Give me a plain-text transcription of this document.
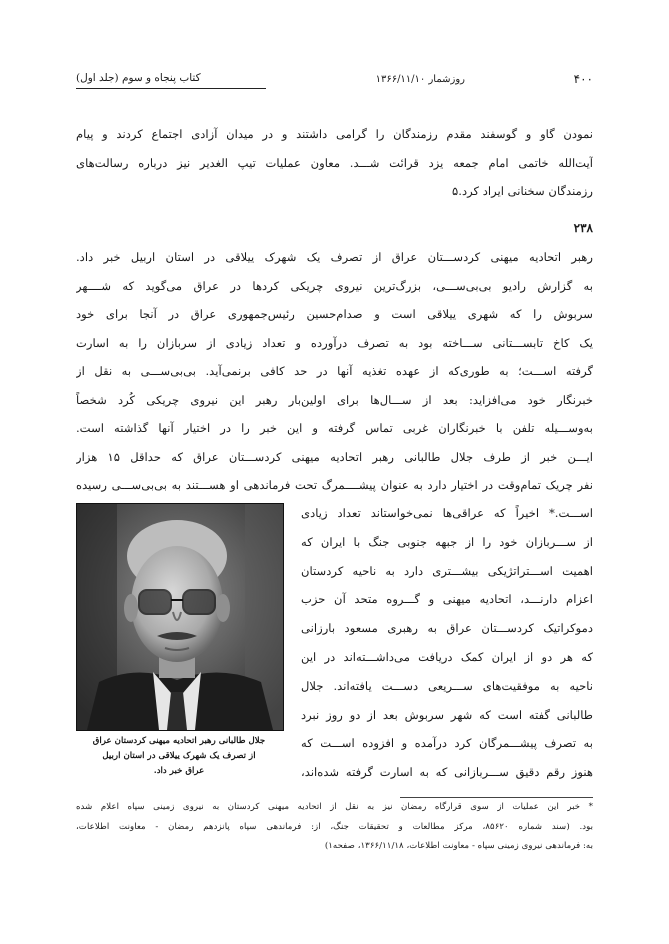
۴۰۰
روزشمار ۱۳۶۶/۱۱/۱۰
کتاب پنجاه و سوم (جلد اول)
نمودن گاو و گوسفند مقدم رزمندگان را گرامی داشتند و در میدان آزادی اجتماع کردند و پیام
آیت‌الله خاتمی امام جمعه یزد قرائت شـــد. معاون عملیات تیپ الغدیر نیز درباره رسالت‌های
رزمندگان سخنانی ایراد کرد.۵
۲۳۸
رهبر اتحادیه میهنی کردســـتان عراق از تصرف یک شهرک ییلاقی در استان اربیل خبر داد.
به گزارش رادیو بی‌بی‌ســـی، بزرگ‌ترین نیروی چریکی کردها در عراق می‌گوید که شــــهر
سربوش را که شهری ییلاقی است و صدام‌حسین رئیس‌جمهوری عراق در آنجا برای خود
یک کاخ تابســـتانی ســـاخته بود به تصرف درآورده و تعداد زیادی از سربازان را به اسارت
گرفته اســـت؛ به طوری‌که از عهده تغذیه آنها در حد کافی برنمی‌آید. بی‌بی‌ســـی به نقل از
خبرنگار خود می‌افزاید: بعد از ســـال‌ها برای اولین‌بار رهبر این نیروی چریکی کُرد شخصاً
به‌وســـیله تلفن با خبرنگاران غربی تماس گرفته و این خبر را در اختیار آنها گذاشته است.
ایـــن خبر از طرف جلال طالبانی رهبر اتحادیه میهنی کردســـتان عراق که حداقل ۱۵ هزار
نفر چریک تمام‌وقت در اختیار دارد به عنوان پیشــــمرگ تحت فرماندهی او هســـتند به بی‌بی‌ســـی رسیده
اســـت.* اخیراً که عراقی‌ها نمی‌خواستاند تعداد زیادی
از ســـربازان خود را از جبهه جنوبی جنگ با ایران که
اهمیت اســـتراتژیکی بیشـــتری دارد به ناحیه کردستان
اعزام دارنـــد، اتحادیه میهنی و گـــروه متحد آن حزب
دموکراتیک کردســـتان عراق به رهبری مسعود بارزانی
که هر دو از ایران کمک دریافت می‌داشـــته‌اند در این
ناحیه به موفقیت‌های ســـریعی دســـت یافته‌اند. جلال
طالبانی گفته است که شهر سربوش بعد از دو روز نبرد
به تصرف پیشـــمرگان کرد درآمده و افزوده اســـت که
هنوز رقم دقیق ســـربازانی که به اسارت گرفته شده‌اند،
جلال طالبانی رهبر اتحادیه میهنی کردستان عراق
از تصرف یک شهرک ییلاقی در استان اربیل
عراق خبر داد.
* خبر این عملیات از سوی قرارگاه رمضان نیز به نقل از اتحادیه میهنی کردستان به نیروی زمینی سپاه اعلام شده
بود. (سند شماره ۸۵۶۲۰، مرکز مطالعات و تحقیقات جنگ، از: فرماندهی سپاه پانزدهم رمضان - معاونت اطلاعات،
به: فرماندهی نیروی زمینی سپاه - معاونت اطلاعات، ۱۳۶۶/۱۱/۱۸، صفحه۱)
